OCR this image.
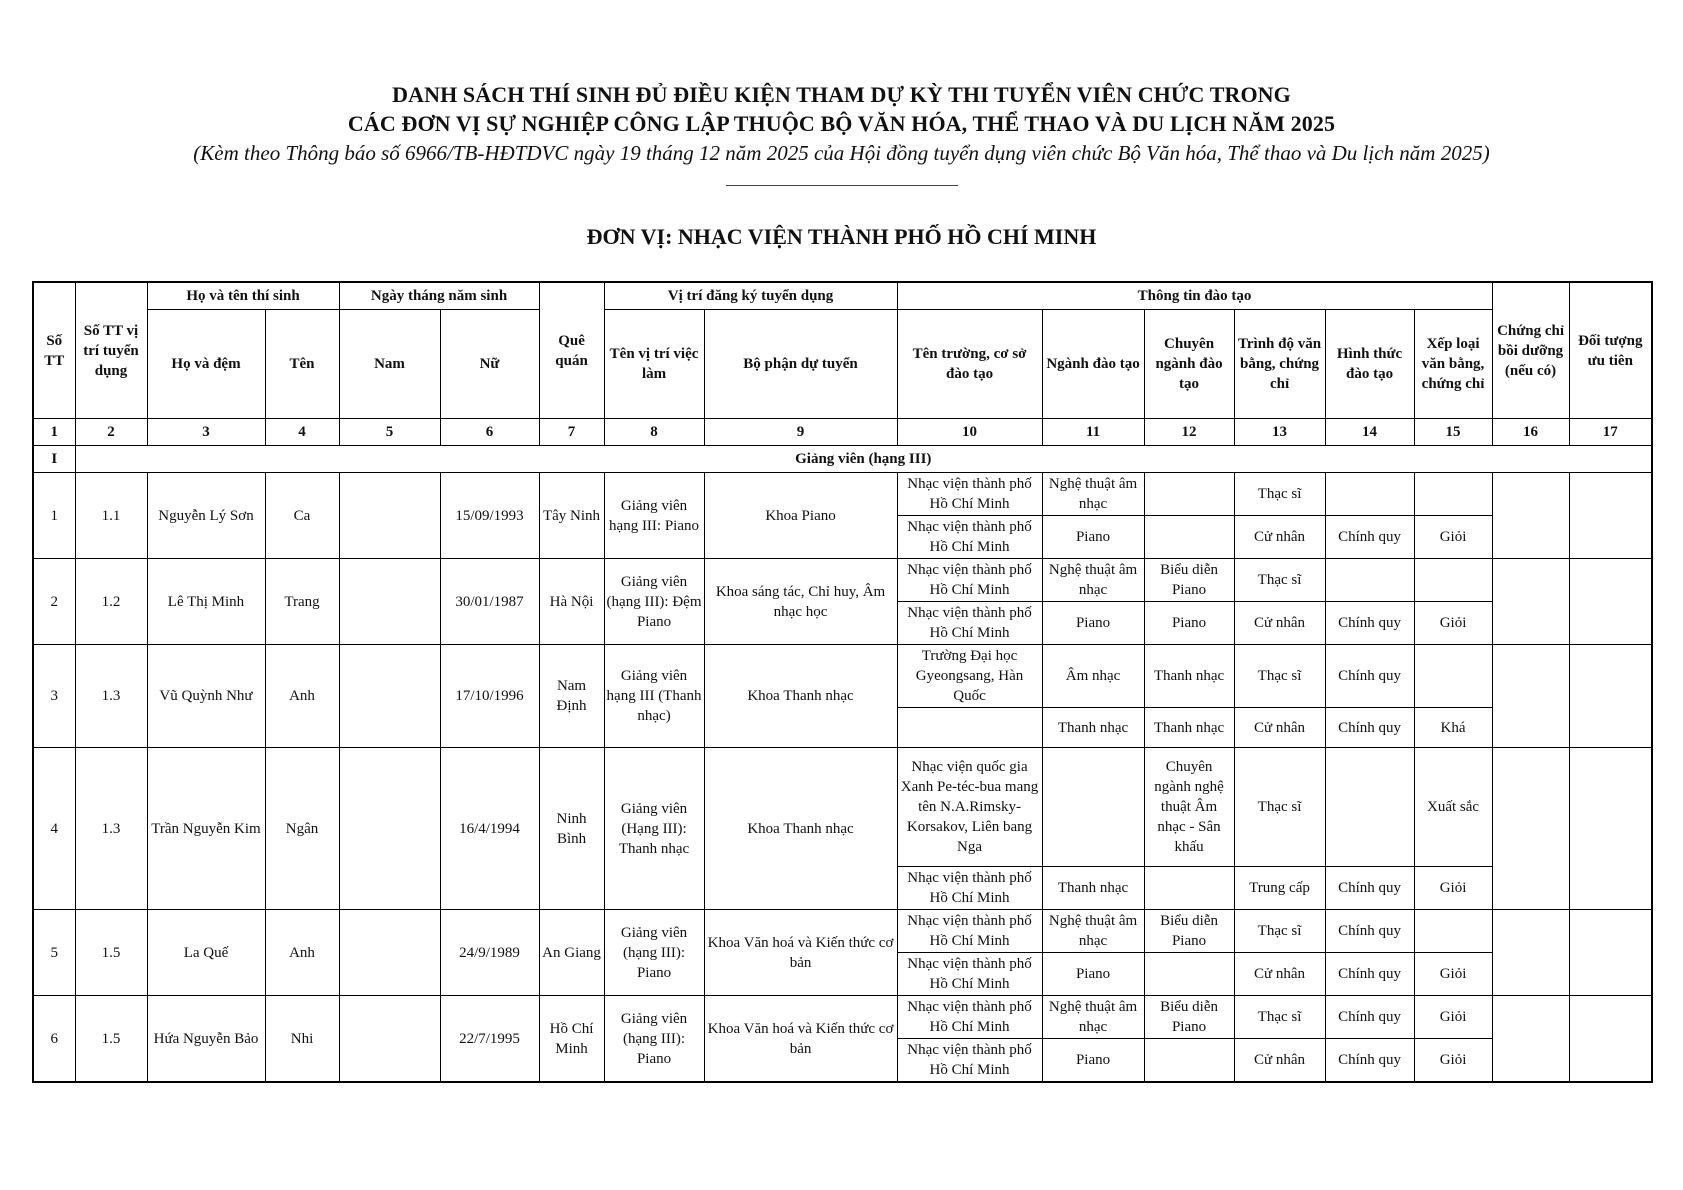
DANH SÁCH THÍ SINH ĐỦ ĐIỀU KIỆN THAM DỰ KỲ THI TUYỂN VIÊN CHỨC TRONG
CÁC ĐƠN VỊ SỰ NGHIỆP CÔNG LẬP THUỘC BỘ VĂN HÓA, THỂ THAO VÀ DU LỊCH NĂM 2025
(Kèm theo Thông báo số 6966/TB-HĐTDVC ngày 19 tháng 12 năm 2025 của Hội đồng tuyển dụng viên chức Bộ Văn hóa, Thể thao và Du lịch năm 2025)
ĐƠN VỊ: NHẠC VIỆN THÀNH PHỐ HỒ CHÍ MINH
Số TT	Số TT vị trí tuyển dụng	Họ và tên thí sinh		Ngày tháng năm sinh		Quê quán	Vị trí đăng ký tuyển dụng		Thông tin đào tạo						Chứng chỉ bồi dưỡng (nếu có)	Đối tượng ưu tiên
		Họ và đệm	Tên	Nam	Nữ		Tên vị trí việc làm	Bộ phận dự tuyển	Tên trường, cơ sở đào tạo	Ngành đào tạo	Chuyên ngành đào tạo	Trình độ văn bằng, chứng chỉ	Hình thức đào tạo	Xếp loại văn bằng, chứng chỉ		
1	2	3	4	5	6	7	8	9	10	11	12	13	14	15	16	17
I	Giảng viên (hạng III)															
1	1.1	Nguyễn Lý Sơn	Ca		15/09/1993	Tây Ninh	Giảng viên hạng III: Piano	Khoa Piano	Nhạc viện thành phố Hồ Chí Minh	Nghệ thuật âm nhạc		Thạc sĩ				
									Nhạc viện thành phố Hồ Chí Minh	Piano		Cử nhân	Chính quy	Giỏi		
2	1.2	Lê Thị Minh	Trang		30/01/1987	Hà Nội	Giảng viên (hạng III): Đệm Piano	Khoa sáng tác, Chỉ huy, Âm nhạc học	Nhạc viện thành phố Hồ Chí Minh	Nghệ thuật âm nhạc	Biểu diễn Piano	Thạc sĩ				
									Nhạc viện thành phố Hồ Chí Minh	Piano	Piano	Cử nhân	Chính quy	Giỏi		
3	1.3	Vũ Quỳnh Như	Anh		17/10/1996	Nam Định	Giảng viên hạng III (Thanh nhạc)	Khoa Thanh nhạc	Trường Đại học Gyeongsang, Hàn Quốc	Âm nhạc	Thanh nhạc	Thạc sĩ	Chính quy			
										Thanh nhạc	Thanh nhạc	Cử nhân	Chính quy	Khá		
4	1.3	Trần Nguyễn Kim	Ngân		16/4/1994	Ninh Bình	Giảng viên (Hạng III): Thanh nhạc	Khoa Thanh nhạc	Nhạc viện quốc gia Xanh Pe-téc-bua mang tên N.A.Rimsky-Korsakov, Liên bang Nga		Chuyên ngành nghệ thuật Âm nhạc - Sân khấu	Thạc sĩ		Xuất sắc		
									Nhạc viện thành phố Hồ Chí Minh	Thanh nhạc		Trung cấp	Chính quy	Giỏi		
5	1.5	La Quế	Anh		24/9/1989	An Giang	Giảng viên (hạng III): Piano	Khoa Văn hoá và Kiến thức cơ bản	Nhạc viện thành phố Hồ Chí Minh	Nghệ thuật âm nhạc	Biểu diễn Piano	Thạc sĩ	Chính quy			
									Nhạc viện thành phố Hồ Chí Minh	Piano		Cử nhân	Chính quy	Giỏi		
6	1.5	Hứa Nguyễn Bảo	Nhi		22/7/1995	Hồ Chí Minh	Giảng viên (hạng III): Piano	Khoa Văn hoá và Kiến thức cơ bản	Nhạc viện thành phố Hồ Chí Minh	Nghệ thuật âm nhạc	Biểu diễn Piano	Thạc sĩ	Chính quy	Giỏi		
									Nhạc viện thành phố Hồ Chí Minh	Piano		Cử nhân	Chính quy	Giỏi		
